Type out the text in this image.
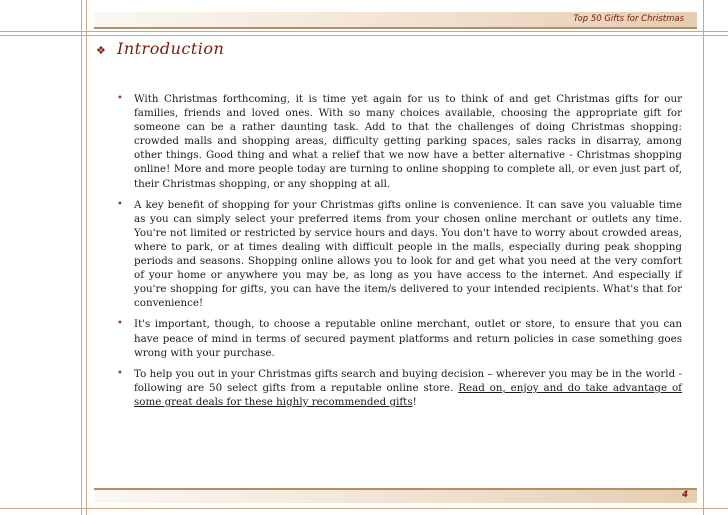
Top 50 Gifts for Christmas
❖ Introduction
• With Christmas forthcoming, it is time yet again for us to think of and get Christmas gifts for our families, friends and loved ones. With so many choices available, choosing the appropriate gift for someone can be a rather daunting task. Add to that the challenges of doing Christmas shopping: crowded malls and shopping areas, difficulty getting parking spaces, sales racks in disarray, among other things. Good thing and what a relief that we now have a better alternative - Christmas shopping online! More and more people today are turning to online shopping to complete all, or even just part of, their Christmas shopping, or any shopping at all.
• A key benefit of shopping for your Christmas gifts online is convenience. It can save you valuable time as you can simply select your preferred items from your chosen online merchant or outlets any time. You're not limited or restricted by service hours and days. You don't have to worry about crowded areas, where to park, or at times dealing with difficult people in the malls, especially during peak shopping periods and seasons. Shopping online allows you to look for and get what you need at the very comfort of your home or anywhere you may be, as long as you have access to the internet. And especially if you're shopping for gifts, you can have the item/s delivered to your intended recipients. What's that for convenience!
• It's important, though, to choose a reputable online merchant, outlet or store, to ensure that you can have peace of mind in terms of secured payment platforms and return policies in case something goes wrong with your purchase.
• To help you out in your Christmas gifts search and buying decision – wherever you may be in the world - following are 50 select gifts from a reputable online store. Read on, enjoy and do take advantage of some great deals for these highly recommended gifts!
4
